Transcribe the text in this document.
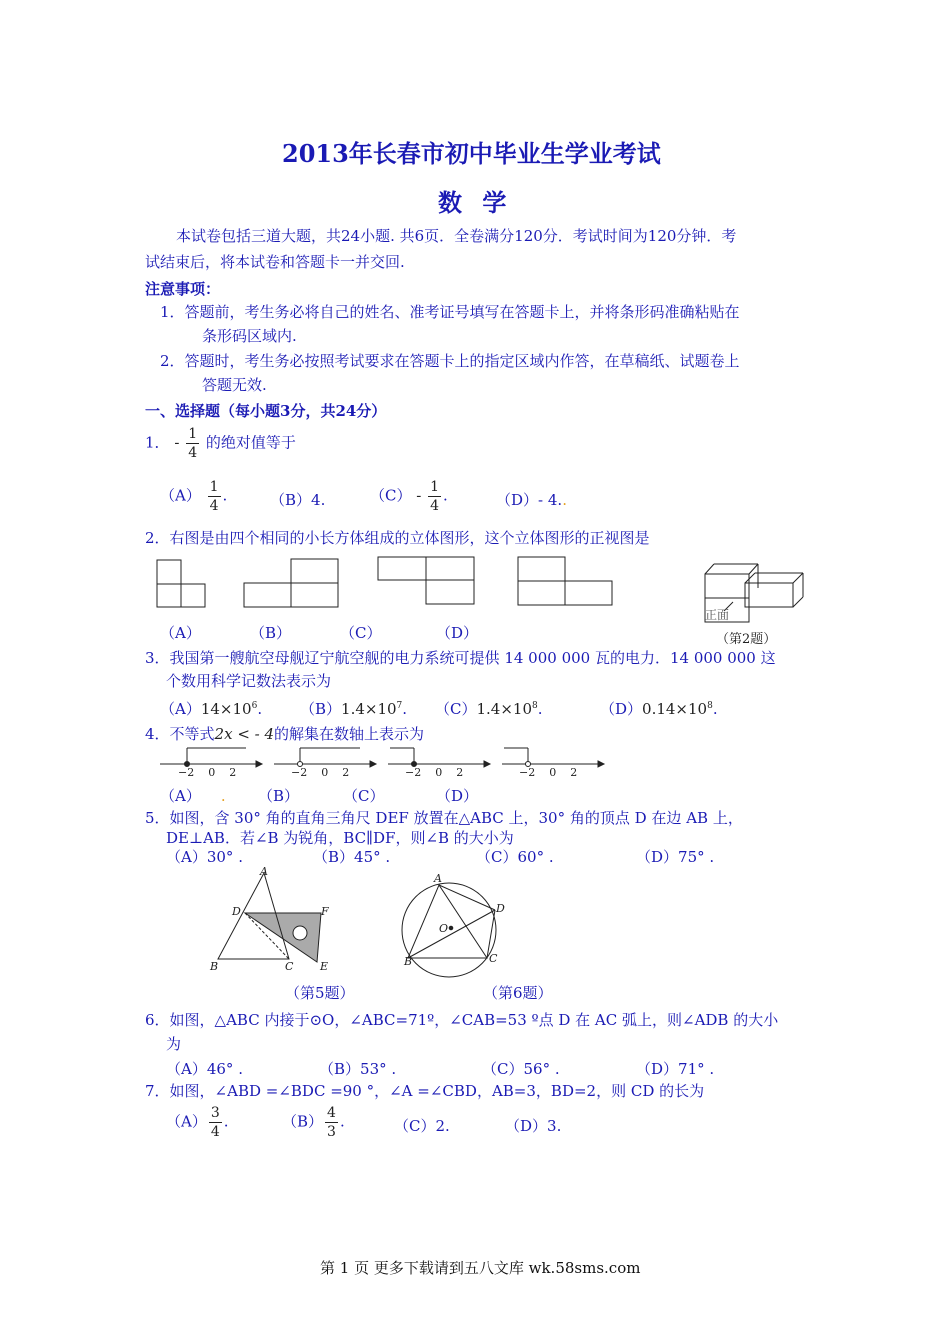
2013年长春市初中毕业生学业考试
数 学
本试卷包括三道大题，共24小题. 共6页．全卷满分120分．考试时间为120分钟．考
试结束后，将本试卷和答题卡一并交回.
注意事项：
1．答题前，考生务必将自己的姓名、准考证号填写在答题卡上，并将条形码准确粘贴在
条形码区域内.
2．答题时，考生务必按照考试要求在答题卡上的指定区域内作答，在草稿纸、试题卷上
答题无效.
一、选择题（每小题3分，共24分）
1． - $\frac{1}{4}$ 的绝对值等于
$(A) \frac{1}{4}$ .	（B）4.	$(C) - \frac{1}{4}$ .	（D）- 4..
2．右图是由四个相同的小长方体组成的立体图形，这个立体图形的正视图是
正面
（A）	（B）	（C）	（D）	（第2题）
3．我国第一艘航空母舰辽宁航空舰的电力系统可提供 14 000 000 瓦的电力．14 000 000 这
个数用科学记数法表示为
$(A)14\times 10^6$.	$(B)1.4\times 10^7$. $(C)1.4\times 10^8$.	$(D)0.14\times 10^8$.
4．不等式2x < - 4的解集在数轴上表示为
−2 0 2	−2 0 2	−2 0 2	−2 0 2
（A） . （B）	（C）	（D）
5．如图，含 30° 角的直角三角尺 DEF 放置在△ABC 上，30° 角的顶点 D 在边 AB 上，
DE⊥AB．若∠B 为锐角，BC∥DF，则∠B 的大小为
（A）30° .	（B）45° .	（C）60° .	（D）75° .
A
D	F
B	C E
（第5题）
A
D
O
B	C
（第6题）
6．如图，△ABC 内接于⊙O，∠ABC=71º，∠CAB=53 º点 D 在 AC 弧上，则∠ADB 的大小
为
（A）46° .	（B）53° .	（C）56° .	（D）71° .
7．如图，∠ABD =∠BDC =90 °，∠A =∠CBD，AB=3，BD=2，则 CD 的长为
$(A) \frac{3}{4}$ .	$(B) \frac{4}{3}$ .	（C）2.	（D）3.
第 1 页 更多下载请到五八文库 wk.58sms.com
